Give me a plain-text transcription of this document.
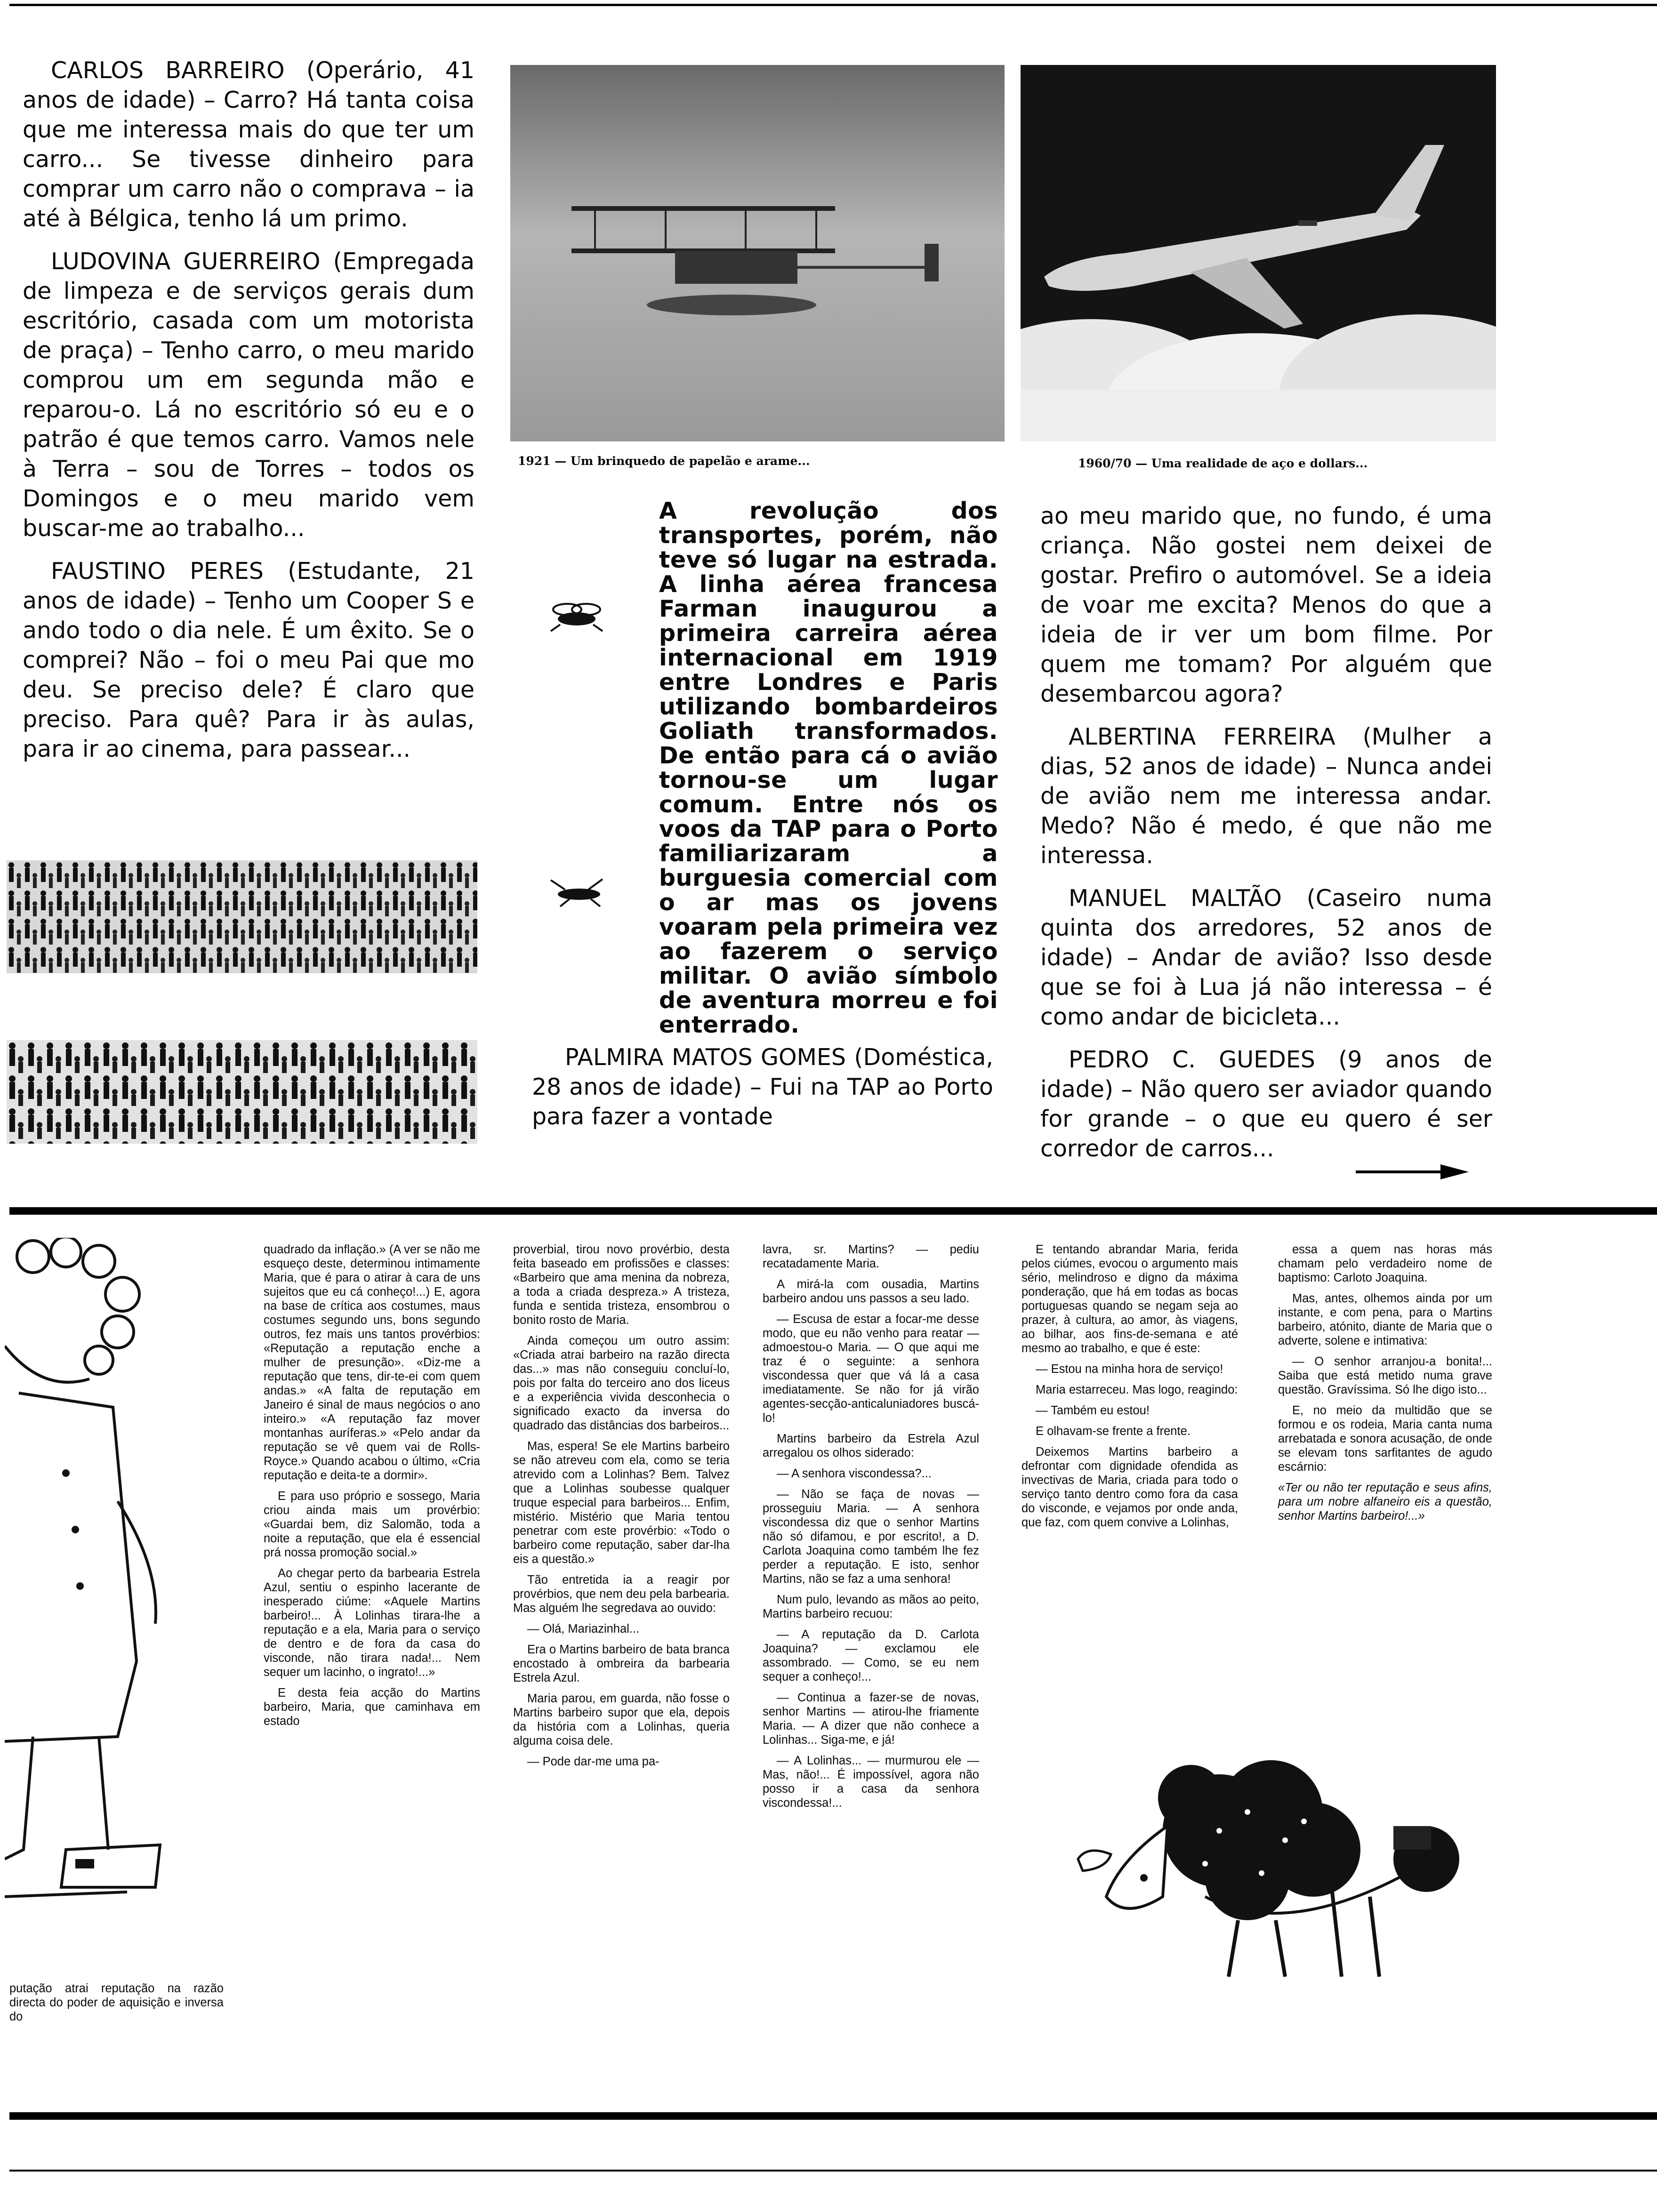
CARLOS BARREIRO (Operário, 41 anos de idade) – Carro? Há tanta coisa que me interessa mais do que ter um carro... Se tivesse dinheiro para comprar um carro não o comprava – ia até à Bélgica, tenho lá um primo.

LUDOVINA GUERREIRO (Empregada de limpeza e de serviços gerais dum escritório, casada com um motorista de praça) – Tenho carro, o meu marido comprou um em segunda mão e reparou-o. Lá no escritório só eu e o patrão é que temos carro. Vamos nele à Terra – sou de Torres – todos os Domingos e o meu marido vem buscar-me ao trabalho...

FAUSTINO PERES (Estudante, 21 anos de idade) – Tenho um Cooper S e ando todo o dia nele. É um êxito. Se o comprei? Não – foi o meu Pai que mo deu. Se preciso dele? É claro que preciso. Para quê? Para ir às aulas, para ir ao cinema, para passear...

1921 — Um brinquedo de papelão e arame...	1960/70 — Uma realidade de aço e dollars...
A revolução dos transportes, porém, não teve só lugar na estrada. A linha aérea francesa Farman inaugurou a primeira carreira aérea internacional em 1919 entre Londres e Paris utilizando bombardeiros Goliath transformados. De então para cá o avião tornou-se um lugar comum. Entre nós os voos da TAP para o Porto familiarizaram a burguesia comercial com o ar mas os jovens voaram pela primeira vez ao fazerem o serviço militar. O avião símbolo de aventura morreu e foi enterrado.

PALMIRA MATOS GOMES (Doméstica, 28 anos de idade) – Fui na TAP ao Porto para fazer a vontade

ao meu marido que, no fundo, é uma criança. Não gostei nem deixei de gostar. Prefiro o automóvel. Se a ideia de voar me excita? Menos do que a ideia de ir ver um bom filme. Por quem me tomam? Por alguém que desembarcou agora?

ALBERTINA FERREIRA (Mulher a dias, 52 anos de idade) – Nunca andei de avião nem me interessa andar. Medo? Não é medo, é que não me interessa.

MANUEL MALTÃO (Caseiro numa quinta dos arredores, 52 anos de idade) – Andar de avião? Isso desde que se foi à Lua já não interessa – é como andar de bicicleta...

PEDRO C. GUEDES (9 anos de idade) – Não quero ser aviador quando for grande – o que eu quero é ser corredor de carros...

putação atrai reputação na razão directa do poder de aquisição e inversa do

quadrado da inflação.» (A ver se não me esqueço deste, determinou intimamente Maria, que é para o atirar à cara de uns sujeitos que eu cá conheço!...) E, agora na base de crítica aos costumes, maus costumes segundo uns, bons segundo outros, fez mais uns tantos provérbios: «Reputação a reputação enche a mulher de presunção». «Diz-me a reputação que tens, dir-te-ei com quem andas.» «A falta de reputação em Janeiro é sinal de maus negócios o ano inteiro.» «A reputação faz mover montanhas auríferas.» «Pelo andar da reputação se vê quem vai de Rolls-Royce.» Quando acabou o último, «Cria reputação e deita-te a dormir».

E para uso próprio e sossego, Maria criou ainda mais um provérbio: «Guardai bem, diz Salomão, toda a noite a reputação, que ela é essencial prá nossa promoção social.»

Ao chegar perto da barbearia Estrela Azul, sentiu o espinho lacerante de inesperado ciúme: «Aquele Martins barbeiro!... À Lolinhas tirara-lhe a reputação e a ela, Maria para o serviço de dentro e de fora da casa do visconde, não tirara nada!... Nem sequer um lacinho, o ingrato!...»

E desta feia acção do Martins barbeiro, Maria, que caminhava em estado

proverbial, tirou novo provérbio, desta feita baseado em profissões e classes: «Barbeiro que ama menina da nobreza, a toda a criada despreza.» A tristeza, funda e sentida tristeza, ensombrou o bonito rosto de Maria.

Ainda começou um outro assim: «Criada atrai barbeiro na razão directa das...» mas não conseguiu concluí-lo, pois por falta do terceiro ano dos liceus e a experiência vivida desconhecia o significado exacto da inversa do quadrado das distâncias dos barbeiros...

Mas, espera! Se ele Martins barbeiro se não atreveu com ela, como se teria atrevido com a Lolinhas? Bem. Talvez que a Lolinhas soubesse qualquer truque especial para barbeiros... Enfim, mistério. Mistério que Maria tentou penetrar com este provérbio: «Todo o barbeiro come reputação, saber dar-lha eis a questão.»

Tão entretida ia a reagir por provérbios, que nem deu pela barbearia. Mas alguém lhe segredava ao ouvido:

— Olá, Mariazinhal...

Era o Martins barbeiro de bata branca encostado à ombreira da barbearia Estrela Azul.

Maria parou, em guarda, não fosse o Martins barbeiro supor que ela, depois da história com a Lolinhas, queria alguma coisa dele.

— Pode dar-me uma pa-

lavra, sr. Martins? — pediu recatadamente Maria.

A mirá-la com ousadia, Martins barbeiro andou uns passos a seu lado.

— Escusa de estar a focar-me desse modo, que eu não venho para reatar — admoestou-o Maria. — O que aqui me traz é o seguinte: a senhora viscondessa quer que vá lá a casa imediatamente. Se não for já virão agentes-secção-anticaluniadores buscá-lo!

Martins barbeiro da Estrela Azul arregalou os olhos siderado:

— A senhora viscondessa?...

— Não se faça de novas — prosseguiu Maria. — A senhora viscondessa diz que o senhor Martins não só difamou, e por escrito!, a D. Carlota Joaquina como também lhe fez perder a reputação. E isto, senhor Martins, não se faz a uma senhora!

Num pulo, levando as mãos ao peito, Martins barbeiro recuou:

— A reputação da D. Carlota Joaquina? — exclamou ele assombrado. — Como, se eu nem sequer a conheço!...

— Continua a fazer-se de novas, senhor Martins — atirou-lhe friamente Maria. — A dizer que não conhece a Lolinhas... Siga-me, e já!

— A Lolinhas... — murmurou ele — Mas, não!... É impossível, agora não posso ir a casa da senhora viscondessa!...

E tentando abrandar Maria, ferida pelos ciúmes, evocou o argumento mais sério, melindroso e digno da máxima ponderação, que há em todas as bocas portuguesas quando se negam seja ao prazer, à cultura, ao amor, às viagens, ao bilhar, aos fins-de-semana e até mesmo ao trabalho, e que é este:

— Estou na minha hora de serviço!

Maria estarreceu. Mas logo, reagindo:

— Também eu estou!

E olhavam-se frente a frente.

Deixemos Martins barbeiro a defrontar com dignidade ofendida as invectivas de Maria, criada para todo o serviço tanto dentro como fora da casa do visconde, e vejamos por onde anda, que faz, com quem convive a Lolinhas,

essa a quem nas horas más chamam pelo verdadeiro nome de baptismo: Carloto Joaquina.

Mas, antes, olhemos ainda por um instante, e com pena, para o Martins barbeiro, atónito, diante de Maria que o adverte, solene e intimativa:

— O senhor arranjou-a bonita!... Saiba que está metido numa grave questão. Gravíssima. Só lhe digo isto...

E, no meio da multidão que se formou e os rodeia, Maria canta numa arrebatada e sonora acusação, de onde se elevam tons sarfitantes de agudo escárnio:

«Ter ou não ter reputação e seus afins, para um nobre alfaneiro eis a questão, senhor Martins barbeiro!...»
